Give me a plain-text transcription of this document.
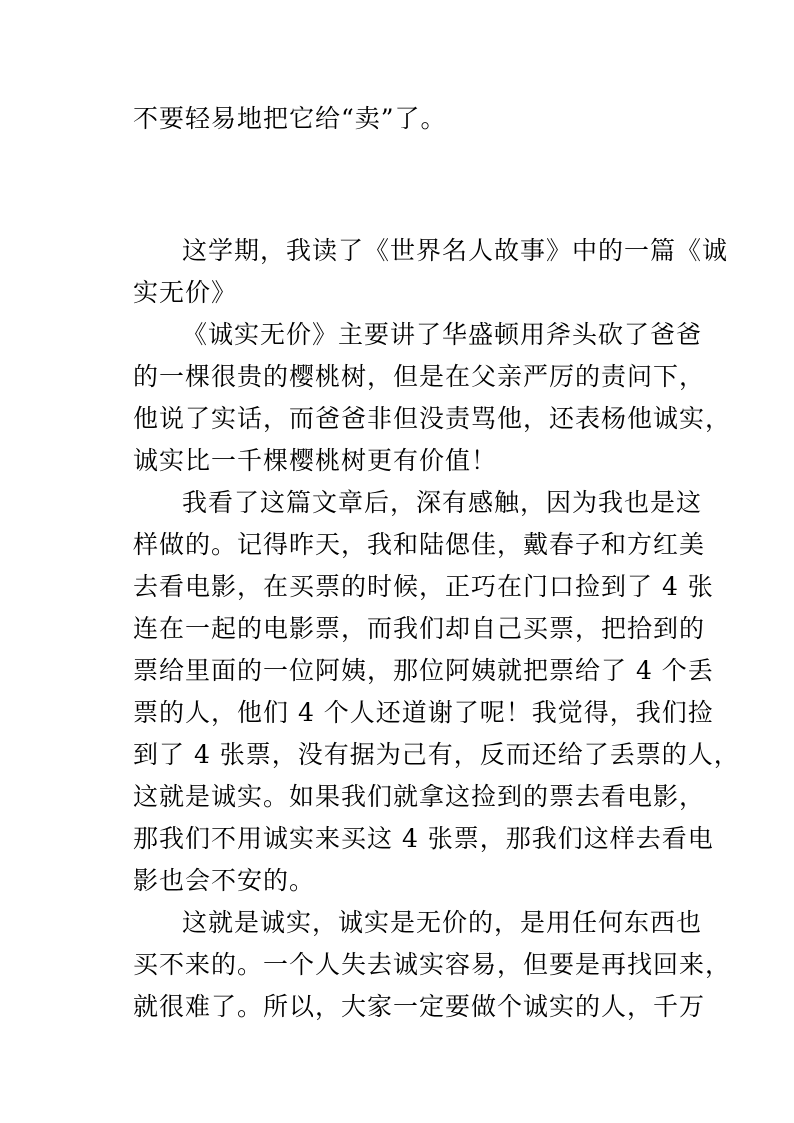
不要轻易地把它给“卖”了。
这学期，我读了《世界名人故事》中的一篇《诚
实无价》
《诚实无价》主要讲了华盛顿用斧头砍了爸爸
的一棵很贵的樱桃树，但是在父亲严厉的责问下，
他说了实话，而爸爸非但没责骂他，还表杨他诚实，
诚实比一千棵樱桃树更有价值！
我看了这篇文章后，深有感触，因为我也是这
样做的。记得昨天，我和陆偲佳，戴春子和方红美
去看电影，在买票的时候，正巧在门口捡到了 4 张
连在一起的电影票，而我们却自己买票，把拾到的
票给里面的一位阿姨，那位阿姨就把票给了 4 个丢
票的人，他们 4 个人还道谢了呢！我觉得，我们捡
到了 4 张票，没有据为己有，反而还给了丢票的人，
这就是诚实。如果我们就拿这捡到的票去看电影，
那我们不用诚实来买这 4 张票，那我们这样去看电
影也会不安的。
这就是诚实，诚实是无价的，是用任何东西也
买不来的。一个人失去诚实容易，但要是再找回来，
就很难了。所以，大家一定要做个诚实的人，千万
